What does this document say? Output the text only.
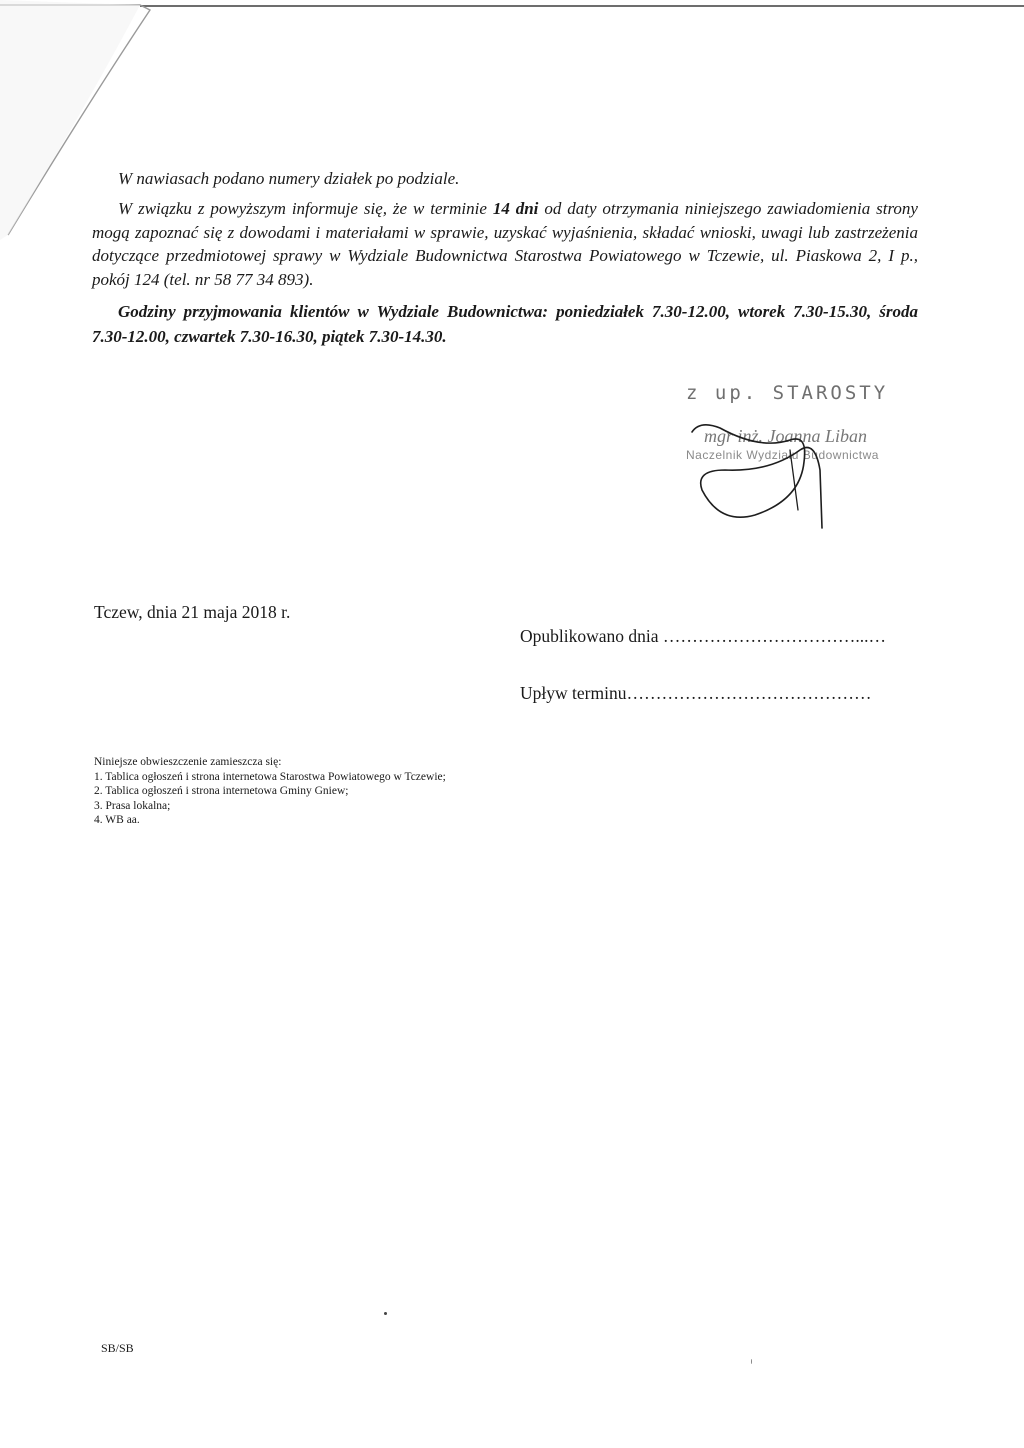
W nawiasach podano numery działek po podziale.

W związku z powyższym informuje się, że w terminie 14 dni od daty otrzymania niniejszego zawiadomienia strony mogą zapoznać się z dowodami i materiałami w sprawie, uzyskać wyjaśnienia, składać wnioski, uwagi lub zastrzeżenia dotyczące przedmiotowej sprawy w Wydziale Budownictwa Starostwa Powiatowego w Tczewie, ul. Piaskowa 2, I p., pokój 124 (tel. nr 58 77 34 893).

Godziny przyjmowania klientów w Wydziale Budownictwa: poniedziałek 7.30-12.00, wtorek 7.30-15.30, środa 7.30-12.00, czwartek 7.30-16.30, piątek 7.30-14.30.

z up. STAROSTY
mgr inż. Joanna Liban
Naczelnik Wydziału Budownictwa

Tczew, dnia 21 maja 2018 r.

Opublikowano dnia ……………………………...…

Upływ terminu……………………………………

Niniejsze obwieszczenie zamieszcza się:
1. Tablica ogłoszeń i strona internetowa Starostwa Powiatowego w Tczewie;
2. Tablica ogłoszeń i strona internetowa Gminy Gniew;
3. Prasa lokalna;
4. WB aa.

SB/SB
